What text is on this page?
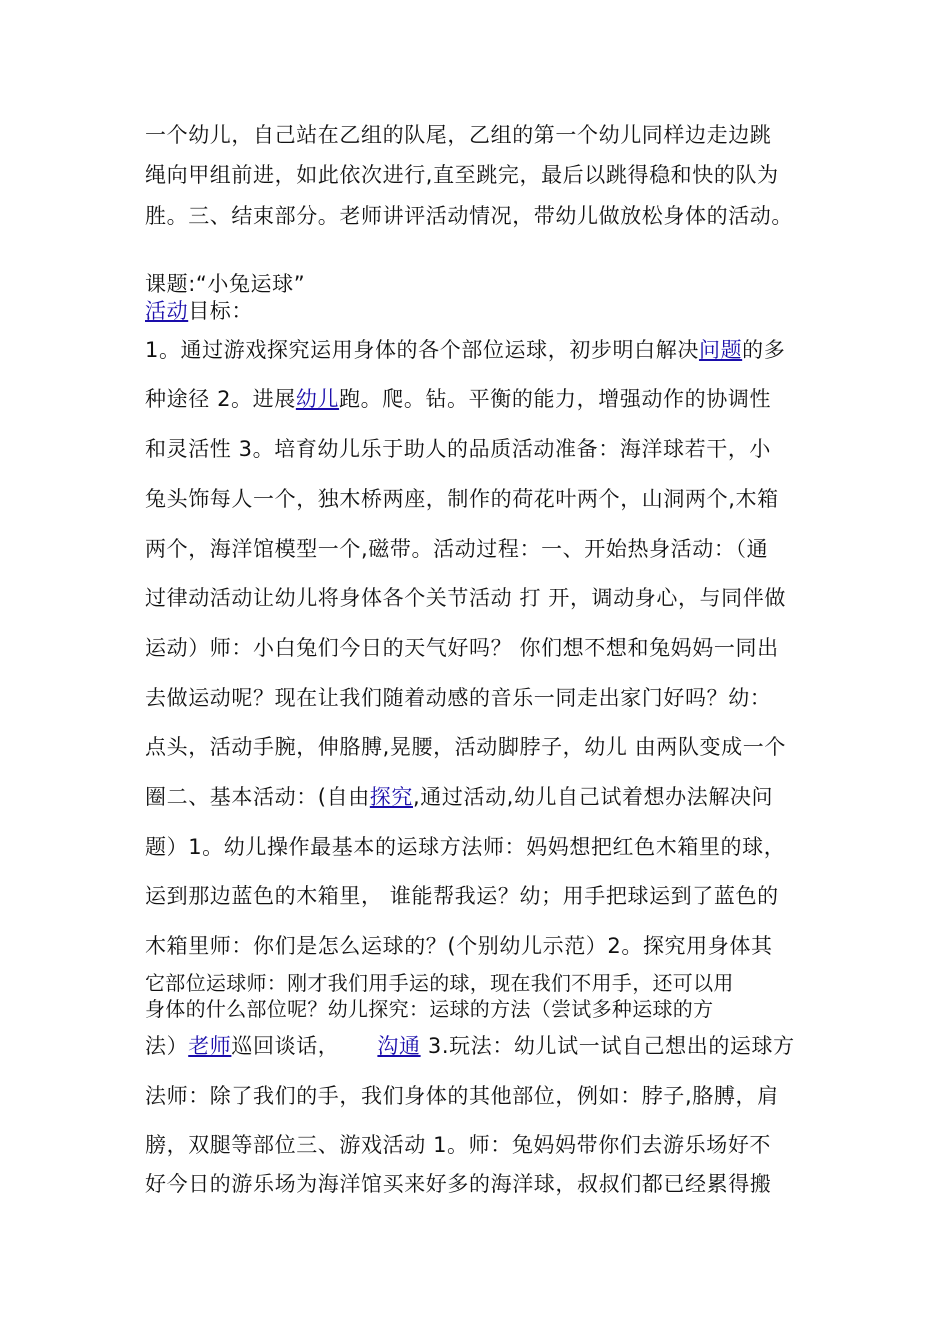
一个幼儿，自己站在乙组的队尾，乙组的第一个幼儿同样边走边跳
绳向甲组前进，如此依次进行,直至跳完，最后以跳得稳和快的队为
胜。三、结束部分。老师讲评活动情况，带幼儿做放松身体的活动。
课题:“小兔运球”
活动目标：
1。通过游戏探究运用身体的各个部位运球，初步明白解决问题的多
种途径 2。进展幼儿跑。爬。钻。平衡的能力，增强动作的协调性
和灵活性 3。培育幼儿乐于助人的品质活动准备：海洋球若干，小
兔头饰每人一个，独木桥两座，制作的荷花叶两个，山洞两个,木箱
两个，海洋馆模型一个,磁带。活动过程：一、开始热身活动：（通
过律动活动让幼儿将身体各个关节活动 打 开，调动身心，与同伴做
运动）师：小白兔们今日的天气好吗？ 你们想不想和兔妈妈一同出
去做运动呢？现在让我们随着动感的音乐一同走出家门好吗？幼：
点头，活动手腕，伸胳膊,晃腰，活动脚脖子，幼儿 由两队变成一个
圈二、基本活动：(自由探究,通过活动,幼儿自己试着想办法解决问
题）1。幼儿操作最基本的运球方法师：妈妈想把红色木箱里的球，
运到那边蓝色的木箱里， 谁能帮我运？幼；用手把球运到了蓝色的
木箱里师：你们是怎么运球的？(个别幼儿示范）2。探究用身体其
它部位运球师：刚才我们用手运的球，现在我们不用手，还可以用
身体的什么部位呢？幼儿探究：运球的方法（尝试多种运球的方
法）老师巡回谈话， 沟通 3.玩法：幼儿试一试自己想出的运球方
法师：除了我们的手，我们身体的其他部位，例如：脖子,胳膊，肩
膀，双腿等部位三、游戏活动 1。师：兔妈妈带你们去游乐场好不
好今日的游乐场为海洋馆买来好多的海洋球，叔叔们都已经累得搬
